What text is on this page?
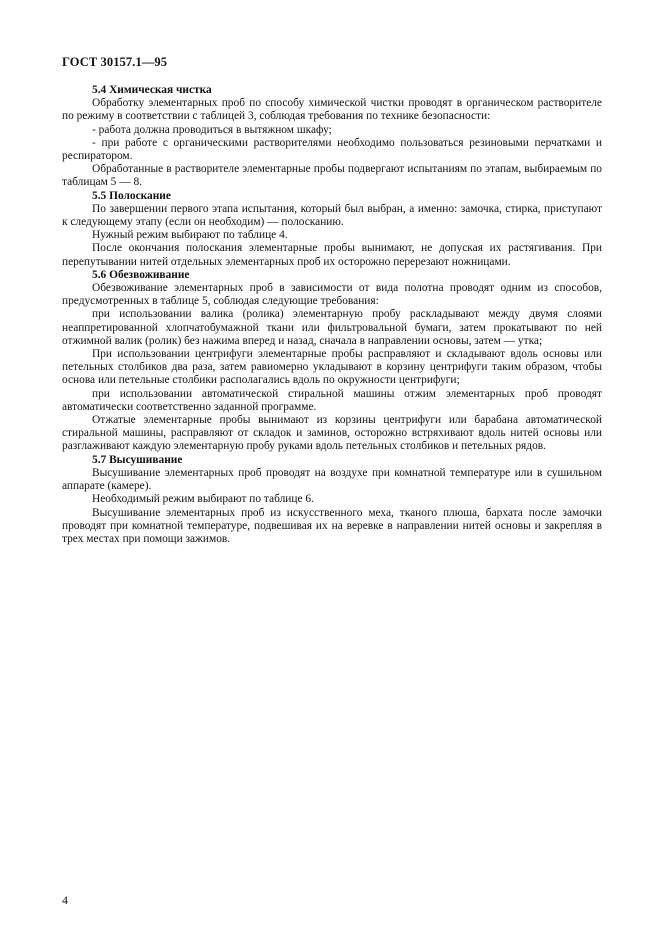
ГОСТ 30157.1—95
5.4 Химическая чистка

Обработку элементарных проб по способу химической чистки проводят в органическом растворителе по режиму в соответствии с таблицей 3, соблюдая требования по технике безопасности:

- работа должна проводиться в вытяжном шкафу;

- при работе с органическими растворителями необходимо пользоваться резиновыми перчатками и респиратором.

Обработанные в растворителе элементарные пробы подвергают испытаниям по этапам, выбираемым по таблицам 5 — 8.

5.5 Полоскание

По завершении первого этапа испытания, который был выбран, а именно: замочка, стирка, приступают к следующему этапу (если он необходим) — полосканию.

Нужный режим выбирают по таблице 4.

После окончания полоскания элементарные пробы вынимают, не допуская их растягивания. При перепутывании нитей отдельных элементарных проб их осторожно перерезают ножницами.

5.6 Обезвоживание

Обезвоживание элементарных проб в зависимости от вида полотна проводят одним из способов, предусмотренных в таблице 5, соблюдая следующие требования:

при использовании валика (ролика) элементарную пробу раскладывают между двумя слоями неаппретированной хлопчатобумажной ткани или фильтровальной бумаги, затем прокатывают по ней отжимной валик (ролик) без нажима вперед и назад, сначала в направлении основы, затем — утка;

При использовании центрифуги элементарные пробы расправляют и складывают вдоль основы или петельных столбиков два раза, затем равиомерно укладывают в корзину центрифуги таким образом, чтобы основа или петельные столбики располагались вдоль по окружности центрифуги;

при использовании автоматической стиральной машины отжим элементарных проб проводят автоматически соответственно заданной программе.

Отжатые элементарные пробы вынимают из корзины центрифуги или барабана автоматической стиральной машины, расправляют от складок и заминов, осторожно встряхивают вдоль нитей основы или разглаживают каждую элементарную пробу руками вдоль петельных столбиков и петельных рядов.

5.7 Высушивание

Высушивание элементарных проб проводят на воздухе при комнатной температуре или в сушильном аппарате (камере).

Необходимый режим выбирают по таблице 6.

Высушивание элементарных проб из искусственного меха, тканого плюша, бархата после замочки проводят при комнатной температуре, подвешивая их на веревке в направлении нитей основы и закрепляя в трех местах при помощи зажимов.

4
